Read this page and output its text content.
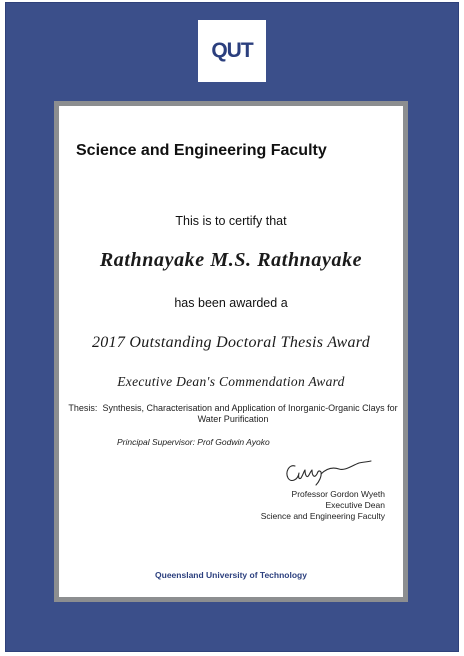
QUT
Science and Engineering Faculty
This is to certify that
Rathnayake M.S. Rathnayake
has been awarded a
2017 Outstanding Doctoral Thesis Award
Executive Dean's Commendation Award
Thesis: Synthesis, Characterisation and Application of Inorganic-Organic Clays for Water Purification
Principal Supervisor: Prof Godwin Ayoko
Professor Gordon Wyeth
Executive Dean
Science and Engineering Faculty
Queensland University of Technology
